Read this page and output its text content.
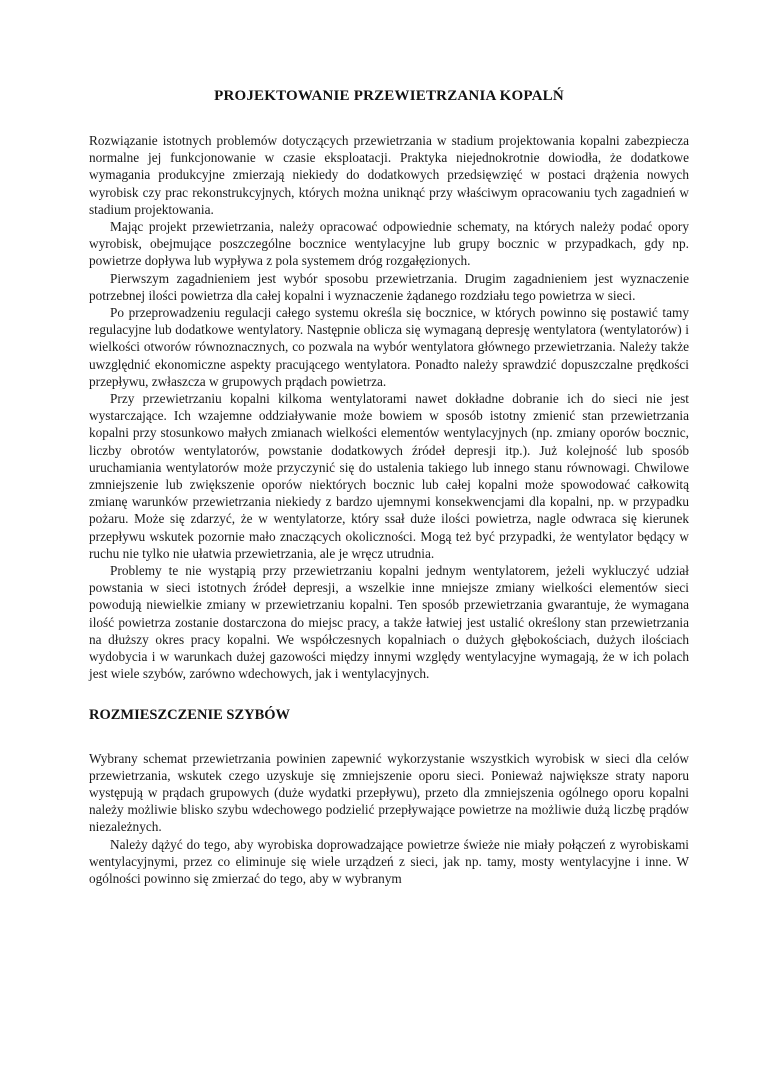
PROJEKTOWANIE PRZEWIETRZANIA KOPALŃ

Rozwiązanie istotnych problemów dotyczących przewietrzania w stadium projektowania kopalni zabezpiecza normalne jej funkcjonowanie w czasie eksploatacji. Praktyka niejednokrotnie dowiodła, że dodatkowe wymagania produkcyjne zmierzają niekiedy do dodatkowych przedsięwzięć w postaci drążenia nowych wyrobisk czy prac rekonstrukcyjnych, których można uniknąć przy właściwym opracowaniu tych zagadnień w stadium projektowania.

Mając projekt przewietrzania, należy opracować odpowiednie schematy, na których należy podać opory wyrobisk, obejmujące poszczególne bocznice wentylacyjne lub grupy bocznic w przypadkach, gdy np. powietrze dopływa lub wypływa z pola systemem dróg rozgałęzionych.

Pierwszym zagadnieniem jest wybór sposobu przewietrzania. Drugim zagadnieniem jest wyznaczenie potrzebnej ilości powietrza dla całej kopalni i wyznaczenie żądanego rozdziału tego powietrza w sieci.

Po przeprowadzeniu regulacji całego systemu określa się bocznice, w których powinno się postawić tamy regulacyjne lub dodatkowe wentylatory. Następnie oblicza się wymaganą depresję wentylatora (wentylatorów) i wielkości otworów równoznacznych, co pozwala na wybór wentylatora głównego przewietrzania. Należy także uwzględnić ekonomiczne aspekty pracującego wentylatora. Ponadto należy sprawdzić dopuszczalne prędkości przepływu, zwłaszcza w grupowych prądach powietrza.

Przy przewietrzaniu kopalni kilkoma wentylatorami nawet dokładne dobranie ich do sieci nie jest wystarczające. Ich wzajemne oddziaływanie może bowiem w sposób istotny zmienić stan przewietrzania kopalni przy stosunkowo małych zmianach wielkości elementów wentylacyjnych (np. zmiany oporów bocznic, liczby obrotów wentylatorów, powstanie dodatkowych źródeł depresji itp.). Już kolejność lub sposób uruchamiania wentylatorów może przyczynić się do ustalenia takiego lub innego stanu równowagi. Chwilowe zmniejszenie lub zwiększenie oporów niektórych bocznic lub całej kopalni może spowodować całkowitą zmianę warunków przewietrzania niekiedy z bardzo ujemnymi konsekwencjami dla kopalni, np. w przypadku pożaru. Może się zdarzyć, że w wentylatorze, który ssał duże ilości powietrza, nagle odwraca się kierunek przepływu wskutek pozornie mało znaczących okoliczności. Mogą też być przypadki, że wentylator będący w ruchu nie tylko nie ułatwia przewietrzania, ale je wręcz utrudnia.

Problemy te nie wystąpią przy przewietrzaniu kopalni jednym wentylatorem, jeżeli wykluczyć udział powstania w sieci istotnych źródeł depresji, a wszelkie inne mniejsze zmiany wielkości elementów sieci powodują niewielkie zmiany w przewietrzaniu kopalni. Ten sposób przewietrzania gwarantuje, że wymagana ilość powietrza zostanie dostarczona do miejsc pracy, a także łatwiej jest ustalić określony stan przewietrzania na dłuższy okres pracy kopalni. We współczesnych kopalniach o dużych głębokościach, dużych ilościach wydobycia i w warunkach dużej gazowości między innymi względy wentylacyjne wymagają, że w ich polach jest wiele szybów, zarówno wdechowych, jak i wentylacyjnych.

ROZMIESZCZENIE SZYBÓW

Wybrany schemat przewietrzania powinien zapewnić wykorzystanie wszystkich wyrobisk w sieci dla celów przewietrzania, wskutek czego uzyskuje się zmniejszenie oporu sieci. Ponieważ największe straty naporu występują w prądach grupowych (duże wydatki przepływu), przeto dla zmniejszenia ogólnego oporu kopalni należy możliwie blisko szybu wdechowego podzielić przepływające powietrze na możliwie dużą liczbę prądów niezależnych.

Należy dążyć do tego, aby wyrobiska doprowadzające powietrze świeże nie miały połączeń z wyrobiskami wentylacyjnymi, przez co eliminuje się wiele urządzeń z sieci, jak np. tamy, mosty wentylacyjne i inne. W ogólności powinno się zmierzać do tego, aby w wybranym
